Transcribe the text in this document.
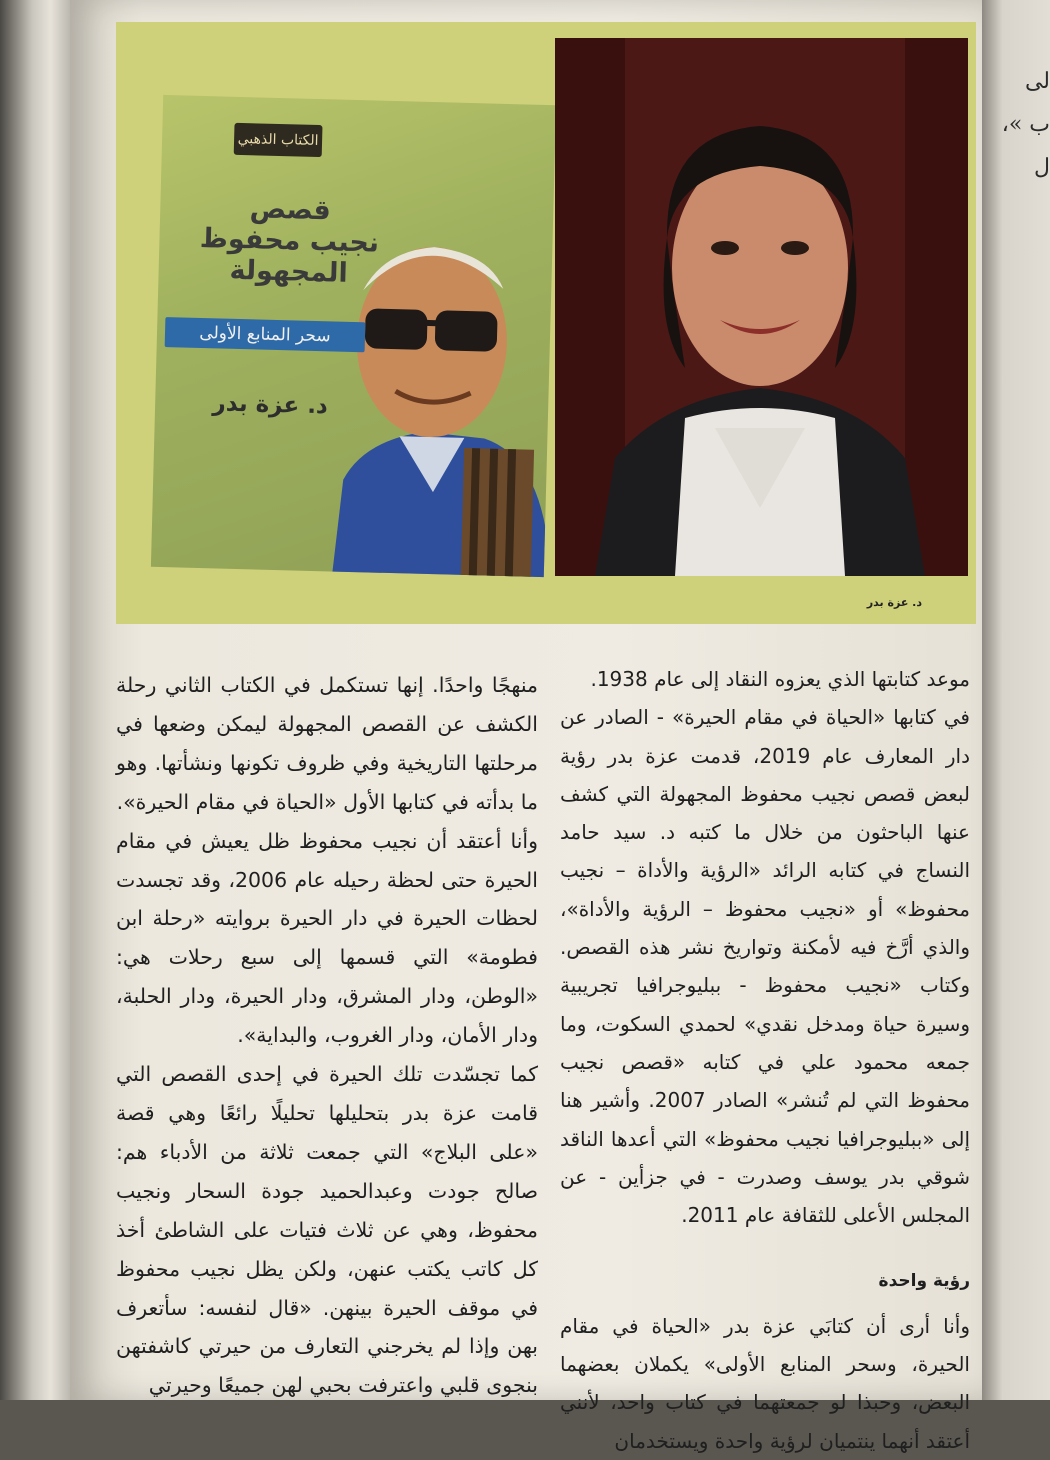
لى ب »، ل
الكتاب الذهبي
قصص
نجيب محفوظ
المجهولة
سحر المنابع الأولى
د. عزة بدر
د. عزة بدر

موعد كتابتها الذي يعزوه النقاد إلى عام 1938.

في كتابها «الحياة في مقام الحيرة» - الصادر عن دار المعارف عام 2019، قدمت عزة بدر رؤية لبعض قصص نجيب محفوظ المجهولة التي كشف عنها الباحثون من خلال ما كتبه د. سيد حامد النساج في كتابه الرائد «الرؤية والأداة – نجيب محفوظ» أو «نجيب محفوظ – الرؤية والأداة»، والذي أرَّخ فيه لأمكنة وتواريخ نشر هذه القصص. وكتاب «نجيب محفوظ - ببليوجرافيا تجريبية وسيرة حياة ومدخل نقدي» لحمدي السكوت، وما جمعه محمود علي في كتابه «قصص نجيب محفوظ التي لم تُنشر» الصادر 2007. وأشير هنا إلى «ببليوجرافيا نجيب محفوظ» التي أعدها الناقد شوقي بدر يوسف وصدرت - في جزأين - عن المجلس الأعلى للثقافة عام 2011.

رؤية واحدة

وأنا أرى أن كتابَي عزة بدر «الحياة في مقام الحيرة، وسحر المنابع الأولى» يكملان بعضهما البعض، وحبذا لو جمعتهما في كتاب واحد، لأنني أعتقد أنهما ينتميان لرؤية واحدة ويستخدمان

منهجًا واحدًا. إنها تستكمل في الكتاب الثاني رحلة الكشف عن القصص المجهولة ليمكن وضعها في مرحلتها التاريخية وفي ظروف تكونها ونشأتها. وهو ما بدأته في كتابها الأول «الحياة في مقام الحيرة».

وأنا أعتقد أن نجيب محفوظ ظل يعيش في مقام الحيرة حتى لحظة رحيله عام 2006، وقد تجسدت لحظات الحيرة في دار الحيرة بروايته «رحلة ابن فطومة» التي قسمها إلى سبع رحلات هي: «الوطن، ودار المشرق، ودار الحيرة، ودار الحلبة، ودار الأمان، ودار الغروب، والبداية».

كما تجسّدت تلك الحيرة في إحدى القصص التي قامت عزة بدر بتحليلها تحليلًا رائعًا وهي قصة «على البلاج» التي جمعت ثلاثة من الأدباء هم: صالح جودت وعبدالحميد جودة السحار ونجيب محفوظ، وهي عن ثلاث فتيات على الشاطئ أخذ كل كاتب يكتب عنهن، ولكن يظل نجيب محفوظ في موقف الحيرة بينهن. «قال لنفسه: سأتعرف بهن وإذا لم يخرجني التعارف من حيرتي كاشفتهن بنجوى قلبي واعترفت بحبي لهن جميعًا وحيرتي
